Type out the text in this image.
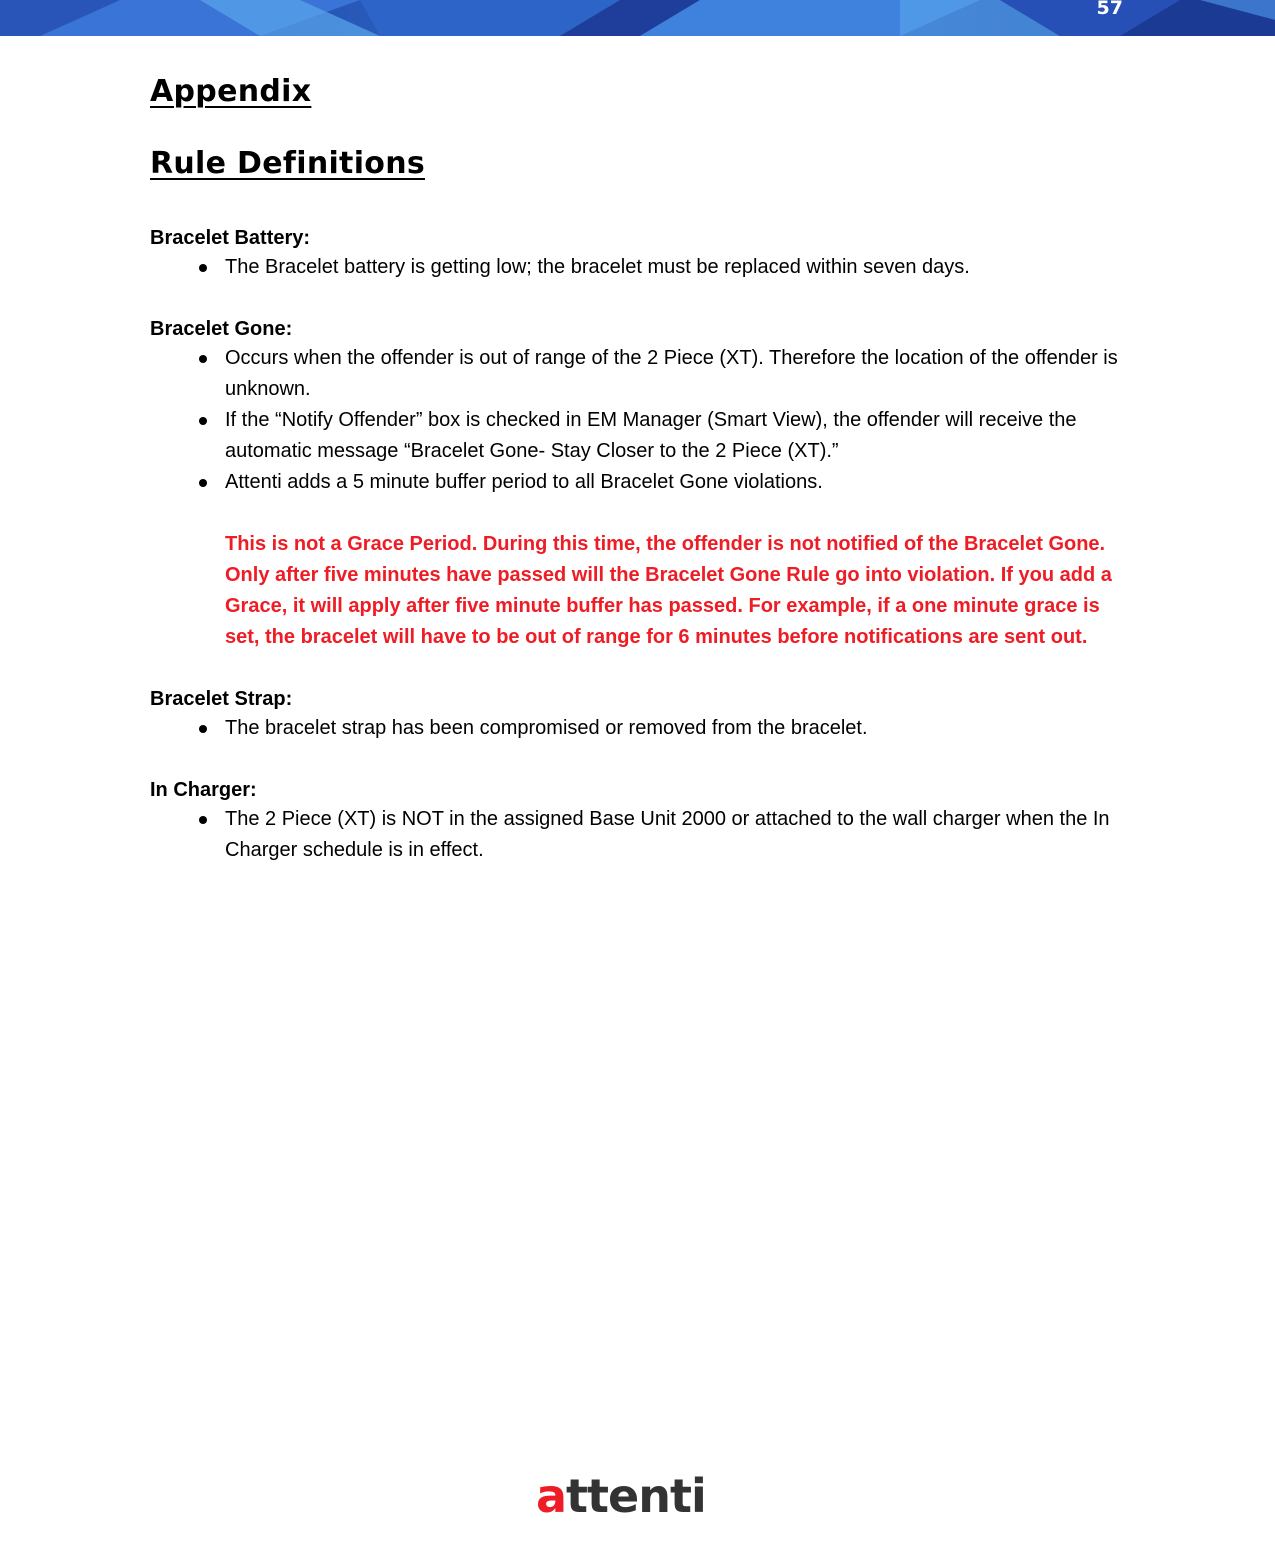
57
Appendix
Rule Definitions
Bracelet Battery:
The Bracelet battery is getting low; the bracelet must be replaced within seven days.
Bracelet Gone:
Occurs when the offender is out of range of the 2 Piece (XT). Therefore the location of the offender is unknown.
If the “Notify Offender” box is checked in EM Manager (Smart View), the offender will receive the automatic message “Bracelet Gone- Stay Closer to the 2 Piece (XT).”
Attenti adds a 5 minute buffer period to all Bracelet Gone violations.
This is not a Grace Period. During this time, the offender is not notified of the Bracelet Gone. Only after five minutes have passed will the Bracelet Gone Rule go into violation. If you add a Grace, it will apply after five minute buffer has passed. For example, if a one minute grace is set, the bracelet will have to be out of range for 6 minutes before notifications are sent out.
Bracelet Strap:
The bracelet strap has been compromised or removed from the bracelet.
In Charger:
The 2 Piece (XT) is NOT in the assigned Base Unit 2000 or attached to the wall charger when the In Charger schedule is in effect.
attenti
